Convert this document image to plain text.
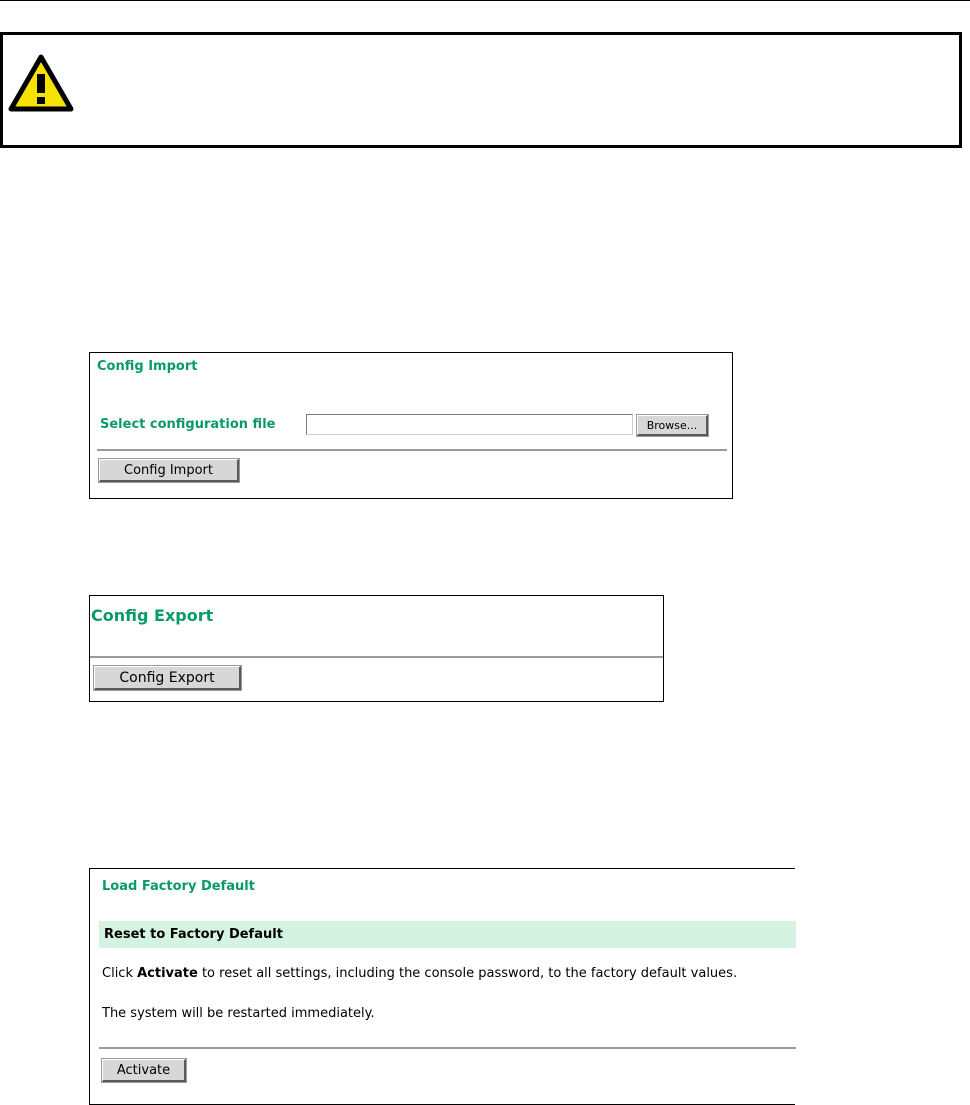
Config Import
Select configuration file	Browse...
Config Import
Config Export
Config Export
Load Factory Default
Reset to Factory Default
Click Activate to reset all settings, including the console password, to the factory default values.
The system will be restarted immediately.
Activate
